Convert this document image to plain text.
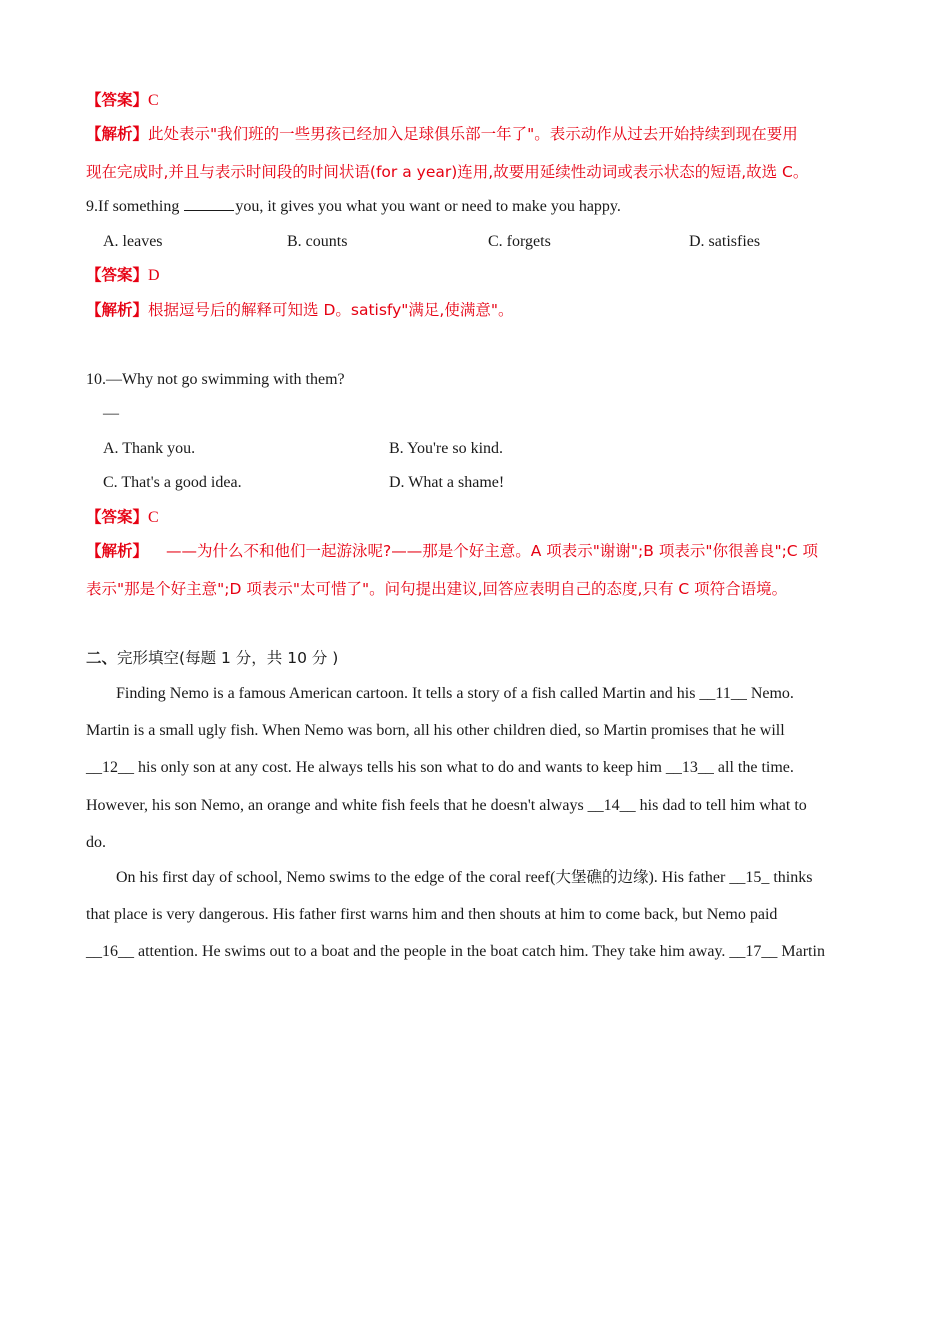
【答案】C
【解析】此处表示"我们班的一些男孩已经加入足球俱乐部一年了"。表示动作从过去开始持续到现在要用
现在完成时,并且与表示时间段的时间状语(for a year)连用,故要用延续性动词或表示状态的短语,故选 C。
9.If something	you, it gives you what you want or need to make you happy.
A. leaves	B. counts	C. forgets	D. satisfies
【答案】D
【解析】根据逗号后的解释可知选 D。satisfy"满足,使满意"。
10.—Why not go swimming with them?
—
A. Thank you.	B. You're so kind.
C. That's a good idea.	D. What a shame!
【答案】C
【解析】 ——为什么不和他们一起游泳呢?——那是个好主意。A 项表示"谢谢";B 项表示"你很善良";C 项
表示"那是个好主意";D 项表示"太可惜了"。问句提出建议,回答应表明自己的态度,只有 C 项符合语境。
二、完形填空(每题 1 分，共 10 分 )
Finding Nemo is a famous American cartoon. It tells a story of a fish called Martin and his __11__ Nemo.
Martin is a small ugly fish. When Nemo was born, all his other children died, so Martin promises that he will
__12__ his only son at any cost. He always tells his son what to do and wants to keep him __13__ all the time.
However, his son Nemo, an orange and white fish feels that he doesn't always __14__ his dad to tell him what to
do.
On his first day of school, Nemo swims to the edge of the coral reef(大堡礁的边缘). His father __15_ thinks
that place is very dangerous. His father first warns him and then shouts at him to come back, but Nemo paid
__16__ attention. He swims out to a boat and the people in the boat catch him. They take him away. __17__ Martin
